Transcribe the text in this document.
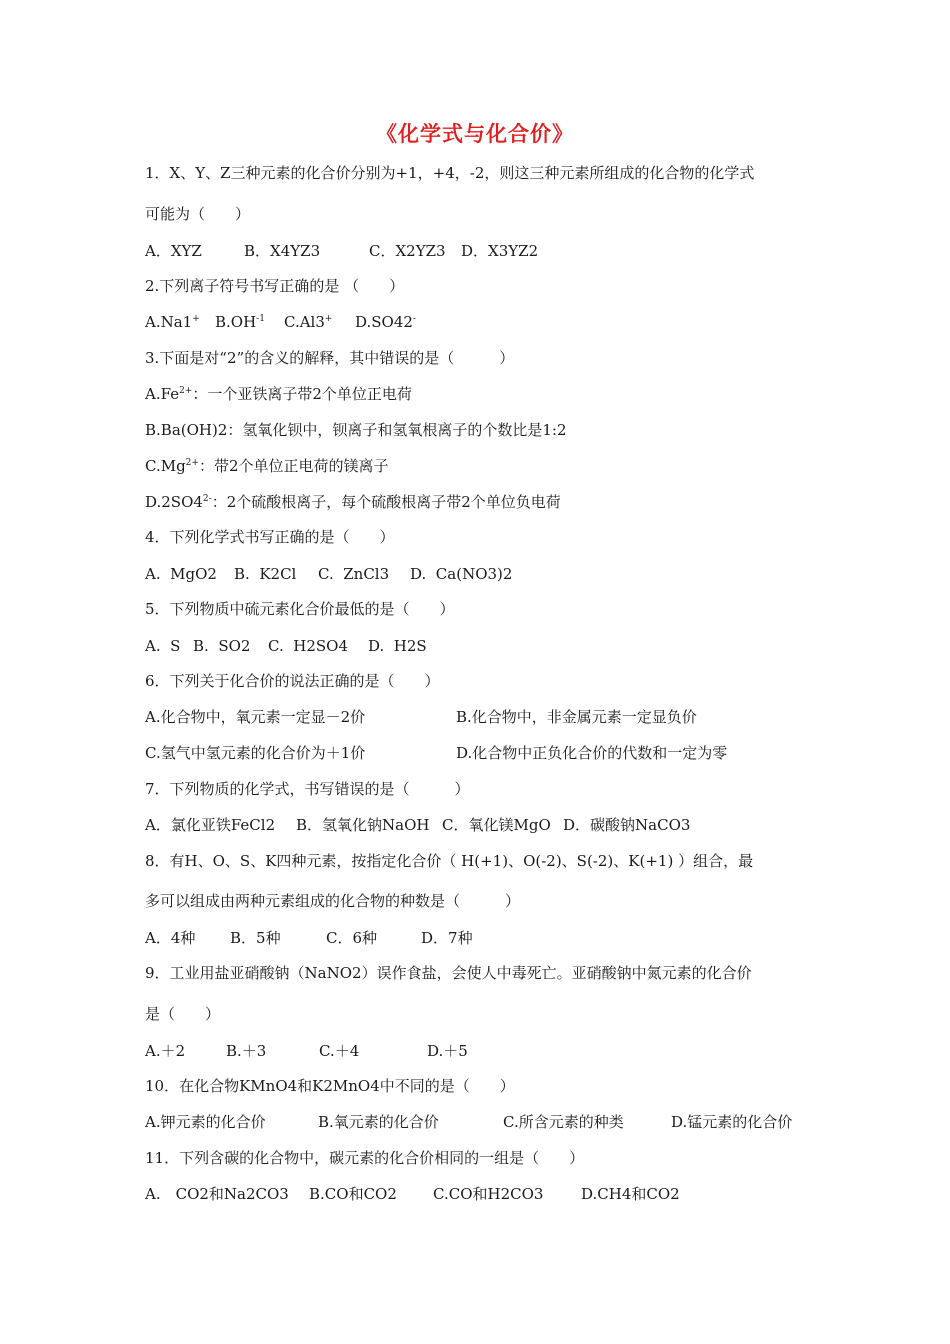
《化学式与化合价》
1．X、Y、Z三种元素的化合价分别为+1，+4，-2，则这三种元素所组成的化合物的化学式
可能为（　　）
A．XYZ	B．X4YZ3	C．X2YZ3 D．X3YZ2
2.下列离子符号书写正确的是 （　　）
A.Na1+ $B.OH^{-1}$ C.Al3+ D.SO42-
3.下面是对“2”的含义的解释，其中错误的是（　　　）
$A.Fe^{2+}$：一个亚铁离子带2个单位正电荷
B.Ba(OH)2：氢氧化钡中，钡离子和氢氧根离子的个数比是1:2
$C.Mg^{2+}$：带2个单位正电荷的镁离子
$D.2SO4^{2-}$：2个硫酸根离子，每个硫酸根离子带2个单位负电荷
4．下列化学式书写正确的是（　　）
A.  MgO2 B.  K2Cl C.  ZnCl3 D.  Ca(NO3)2
5．下列物质中硫元素化合价最低的是（　　）
A.  S B.  SO2 C.  H2SO4 D.  H2S
6．下列关于化合价的说法正确的是（　　）
A.化合物中，氧元素一定显－2价	B.化合物中，非金属元素一定显负价
C.氢气中氢元素的化合价为＋1价	D.化合物中正负化合价的代数和一定为零
7．下列物质的化学式，书写错误的是（　　　）
A．氯化亚铁FeCl2 B．氢氧化钠NaOH C．氧化镁MgO D．碳酸钠NaCO3
8．有H、O、S、K四种元素，按指定化合价（ H(+1)、O(-2)、S(-2)、K(+1) ）组合，最
多可以组成由两种元素组成的化合物的种数是（　　　）
A．4种 B．5种	C．6种	D．7种
9．工业用盐亚硝酸钠（NaNO2）误作食盐，会使人中毒死亡。亚硝酸钠中氮元素的化合价
是（　　）
A.＋2	B.＋3	C.＋4	D.＋5
10．在化合物KMnO4和K2MnO4中不同的是（　　）
A.钾元素的化合价	B.氧元素的化合价	C.所含元素的种类	D.锰元素的化合价
11．下列含碳的化合物中，碳元素的化合价相同的一组是（　　）
A.　CO2和Na2CO3 B.CO和CO2 C.CO和H2CO3	D.CH4和CO2
